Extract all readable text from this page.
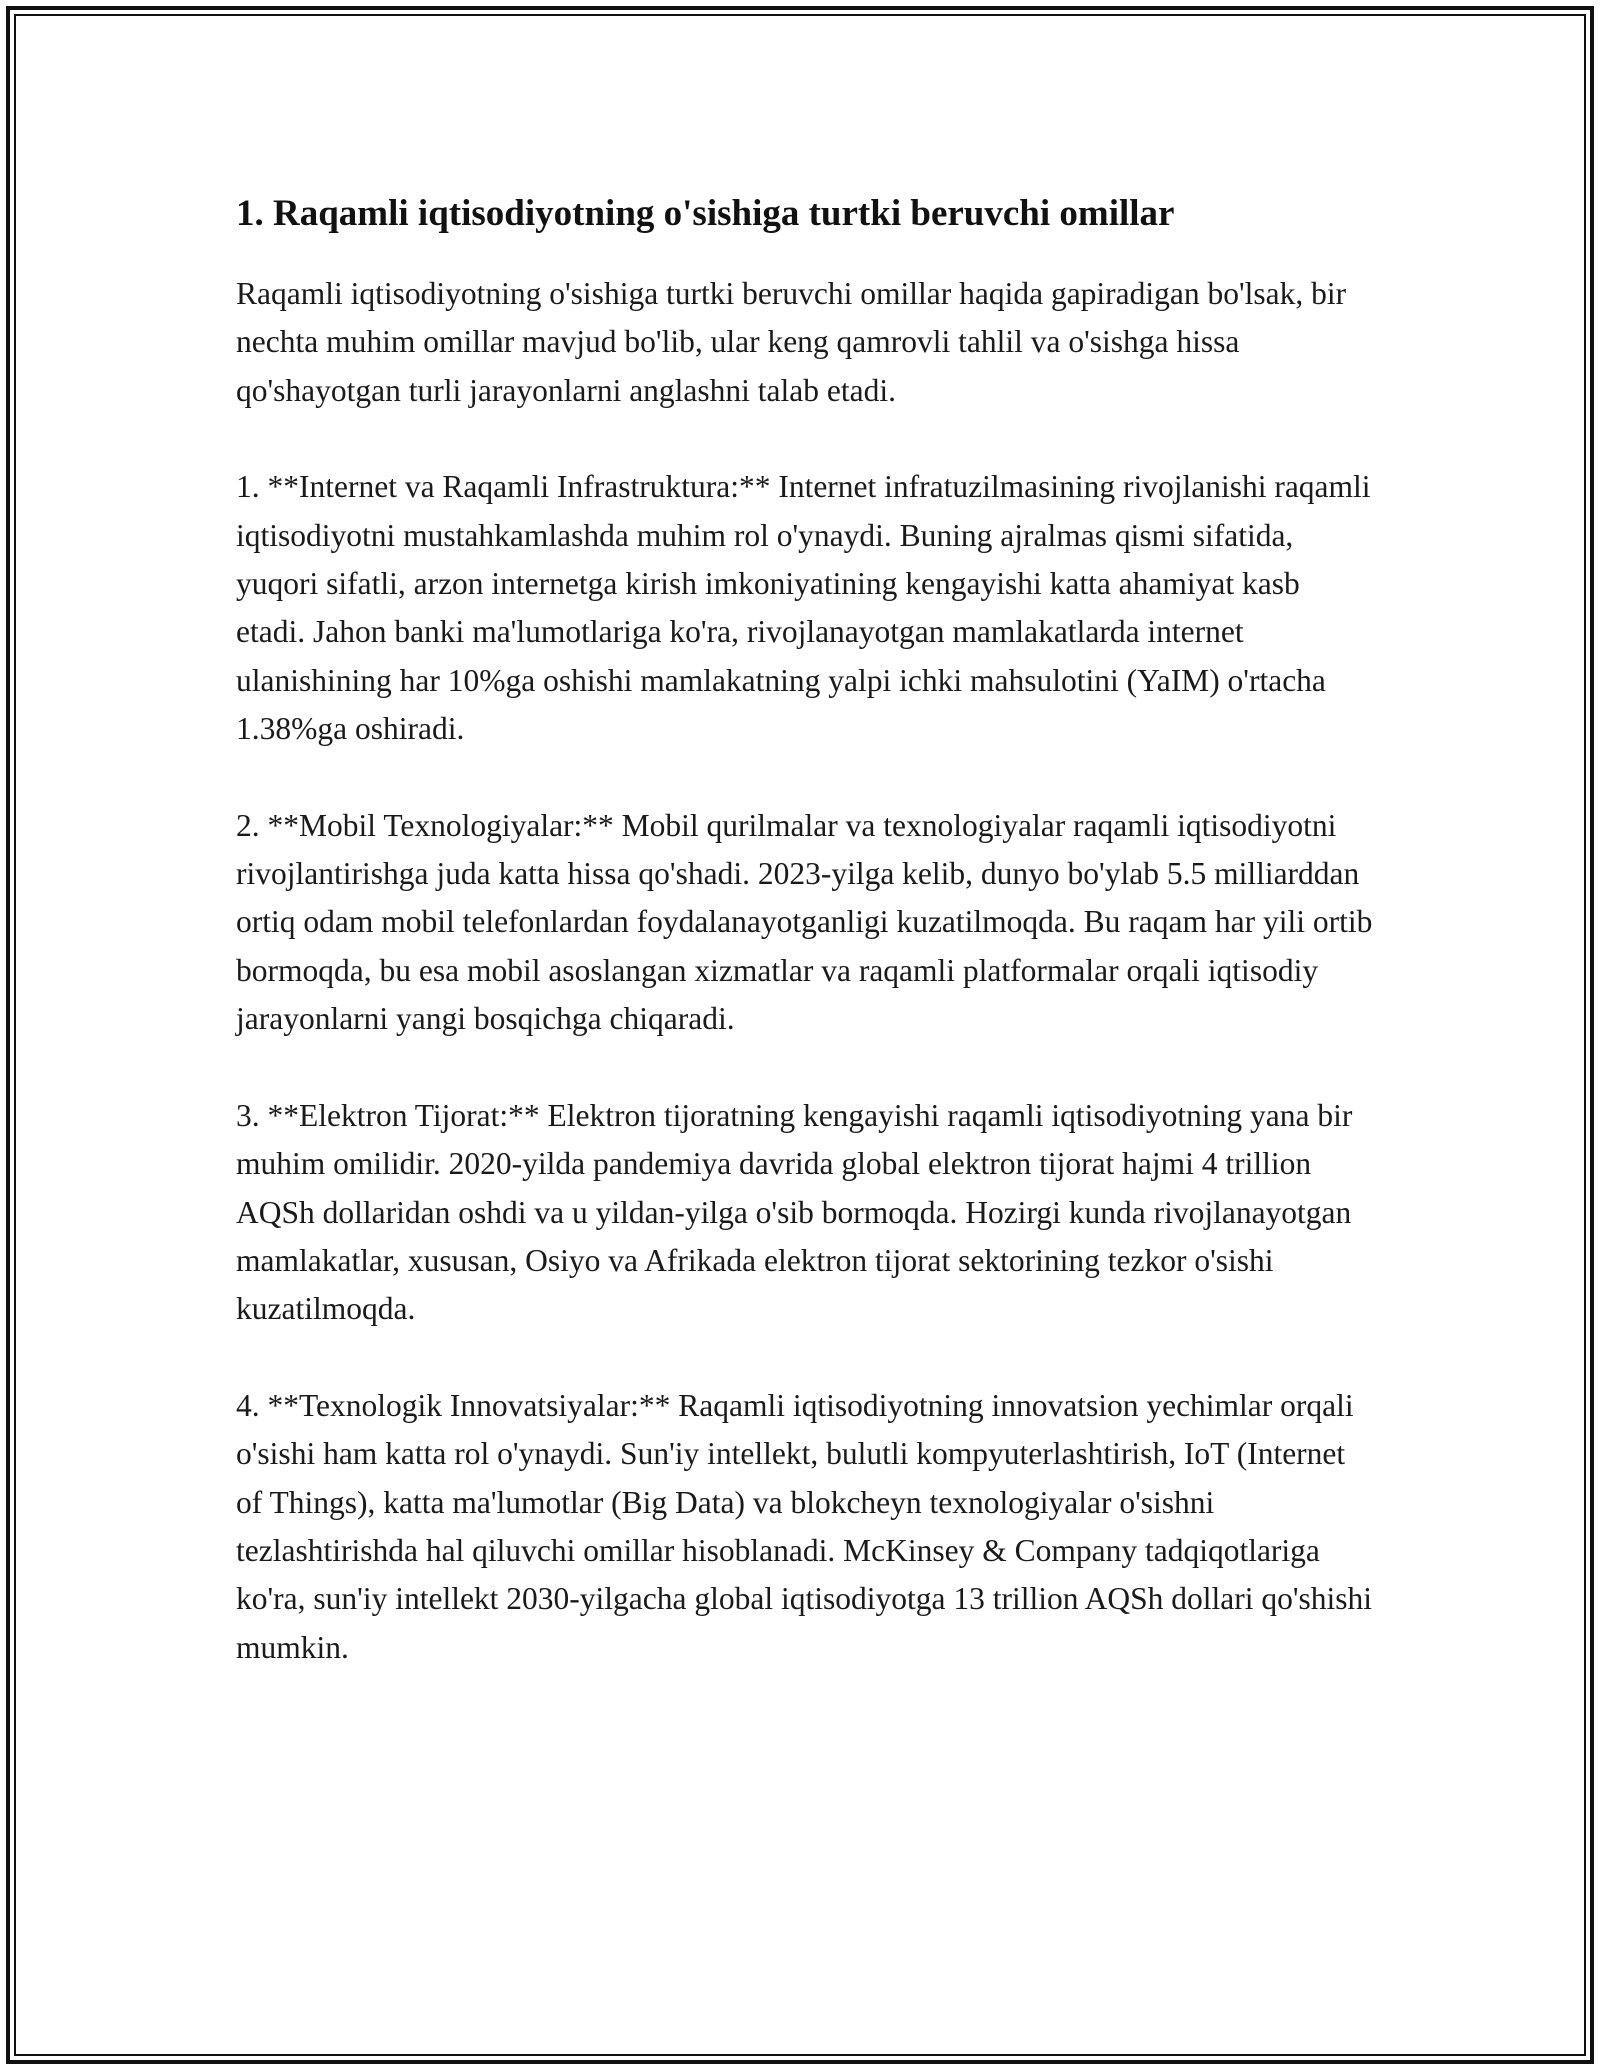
1. Raqamli iqtisodiyotning o'sishiga turtki beruvchi omillar

Raqamli iqtisodiyotning o'sishiga turtki beruvchi omillar haqida gapiradigan bo'lsak, bir nechta muhim omillar mavjud bo'lib, ular keng qamrovli tahlil va o'sishga hissa qo'shayotgan turli jarayonlarni anglashni talab etadi.

1. **Internet va Raqamli Infrastruktura:** Internet infratuzilmasining rivojlanishi raqamli iqtisodiyotni mustahkamlashda muhim rol o'ynaydi. Buning ajralmas qismi sifatida, yuqori sifatli, arzon internetga kirish imkoniyatining kengayishi katta ahamiyat kasb etadi. Jahon banki ma'lumotlariga ko'ra, rivojlanayotgan mamlakatlarda internet ulanishining har 10%ga oshishi mamlakatning yalpi ichki mahsulotini (YaIM) o'rtacha 1.38%ga oshiradi.

2. **Mobil Texnologiyalar:** Mobil qurilmalar va texnologiyalar raqamli iqtisodiyotni rivojlantirishga juda katta hissa qo'shadi. 2023-yilga kelib, dunyo bo'ylab 5.5 milliarddan ortiq odam mobil telefonlardan foydalanayotganligi kuzatilmoqda. Bu raqam har yili ortib bormoqda, bu esa mobil asoslangan xizmatlar va raqamli platformalar orqali iqtisodiy jarayonlarni yangi bosqichga chiqaradi.

3. **Elektron Tijorat:** Elektron tijoratning kengayishi raqamli iqtisodiyotning yana bir muhim omilidir. 2020-yilda pandemiya davrida global elektron tijorat hajmi 4 trillion AQSh dollaridan oshdi va u yildan-yilga o'sib bormoqda. Hozirgi kunda rivojlanayotgan mamlakatlar, xususan, Osiyo va Afrikada elektron tijorat sektorining tezkor o'sishi kuzatilmoqda.

4. **Texnologik Innovatsiyalar:** Raqamli iqtisodiyotning innovatsion yechimlar orqali o'sishi ham katta rol o'ynaydi. Sun'iy intellekt, bulutli kompyuterlashtirish, IoT (Internet of Things), katta ma'lumotlar (Big Data) va blokcheyn texnologiyalar o'sishni tezlashtirishda hal qiluvchi omillar hisoblanadi. McKinsey & Company tadqiqotlariga ko'ra, sun'iy intellekt 2030-yilgacha global iqtisodiyotga 13 trillion AQSh dollari qo'shishi mumkin.
